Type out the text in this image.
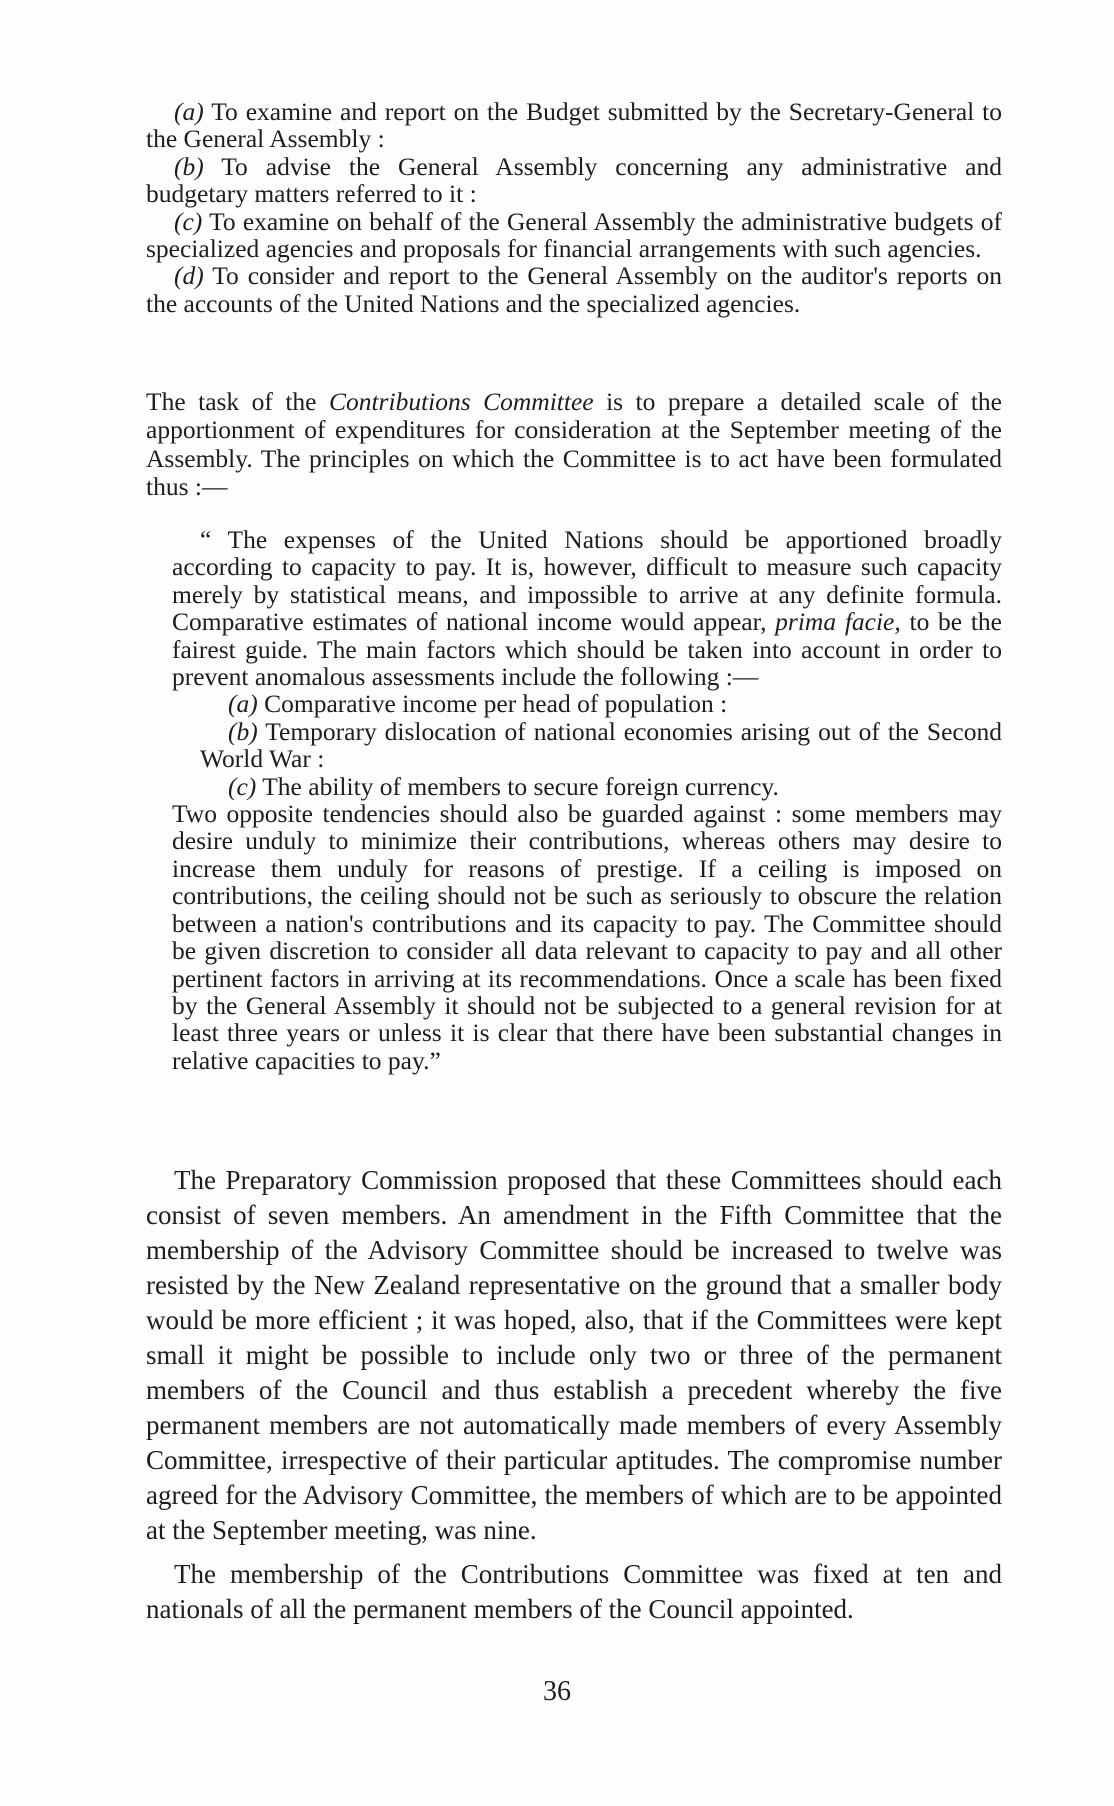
(a) To examine and report on the Budget submitted by the Secretary-General to the General Assembly :

(b) To advise the General Assembly concerning any administrative and budgetary matters referred to it :

(c) To examine on behalf of the General Assembly the administrative budgets of specialized agencies and proposals for financial arrangements with such agencies.

(d) To consider and report to the General Assembly on the auditor's reports on the accounts of the United Nations and the specialized agencies.

The task of the Contributions Committee is to prepare a detailed scale of the apportionment of expenditures for consideration at the September meeting of the Assembly. The principles on which the Committee is to act have been formulated thus :—

“ The expenses of the United Nations should be apportioned broadly according to capacity to pay. It is, however, difficult to measure such capacity merely by statistical means, and impossible to arrive at any definite formula. Comparative estimates of national income would appear, prima facie, to be the fairest guide. The main factors which should be taken into account in order to prevent anomalous assessments include the following :—

(a) Comparative income per head of population :

(b) Temporary dislocation of national economies arising out of the Second World War :

(c) The ability of members to secure foreign currency.

Two opposite tendencies should also be guarded against : some members may desire unduly to minimize their contributions, whereas others may desire to increase them unduly for reasons of prestige. If a ceiling is imposed on contributions, the ceiling should not be such as seriously to obscure the relation between a nation's contributions and its capacity to pay. The Committee should be given discretion to consider all data relevant to capacity to pay and all other pertinent factors in arriving at its recommendations. Once a scale has been fixed by the General Assembly it should not be subjected to a general revision for at least three years or unless it is clear that there have been substantial changes in relative capacities to pay.”

The Preparatory Commission proposed that these Committees should each consist of seven members. An amendment in the Fifth Committee that the membership of the Advisory Committee should be increased to twelve was resisted by the New Zealand representative on the ground that a smaller body would be more efficient ; it was hoped, also, that if the Committees were kept small it might be possible to include only two or three of the permanent members of the Council and thus establish a precedent whereby the five permanent members are not automatically made members of every Assembly Committee, irrespective of their particular aptitudes. The compromise number agreed for the Advisory Committee, the members of which are to be appointed at the September meeting, was nine.

The membership of the Contributions Committee was fixed at ten and nationals of all the permanent members of the Council appointed.

36
